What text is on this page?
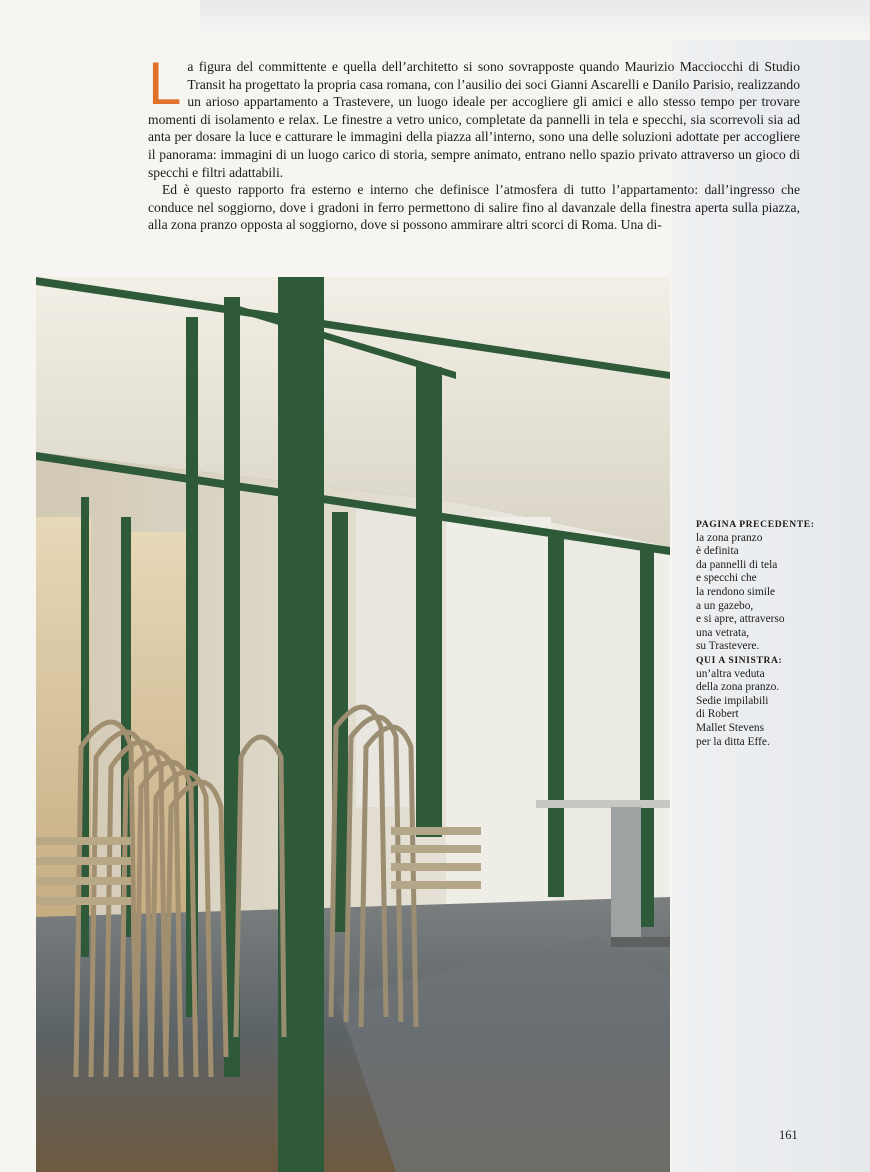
La figura del committente e quella dell’architetto si sono sovrapposte quando Maurizio Macciocchi di Studio Transit ha progettato la propria casa romana, con l’ausilio dei soci Gianni Ascarelli e Danilo Parisio, realizzando un arioso appartamento a Trastevere, un luogo ideale per accogliere gli amici e allo stesso tempo per trovare momenti di isolamento e relax. Le finestre a vetro unico, completate da pannelli in tela e specchi, sia scorrevoli sia ad anta per dosare la luce e catturare le immagini della piazza all’interno, sono una delle soluzioni adottate per accogliere il panorama: immagini di un luogo carico di storia, sempre animato, entrano nello spazio privato attraverso un gioco di specchi e filtri adattabili.

Ed è questo rapporto fra esterno e interno che definisce l’atmosfera di tutto l’appartamento: dall’ingresso che conduce nel soggiorno, dove i gradoni in ferro permettono di salire fino al davanzale della finestra aperta sulla piazza, alla zona pranzo opposta al soggiorno, dove si possono ammirare altri scorci di Roma. Una di-

PAGINA PRECEDENTE:
la zona pranzo
è definita
da pannelli di tela
e specchi che
la rendono simile
a un gazebo,
e si apre, attraverso
una vetrata,
su Trastevere.
QUI A SINISTRA:
un’altra veduta
della zona pranzo.
Sedie impilabili
di Robert
Mallet Stevens
per la ditta Effe.
161
